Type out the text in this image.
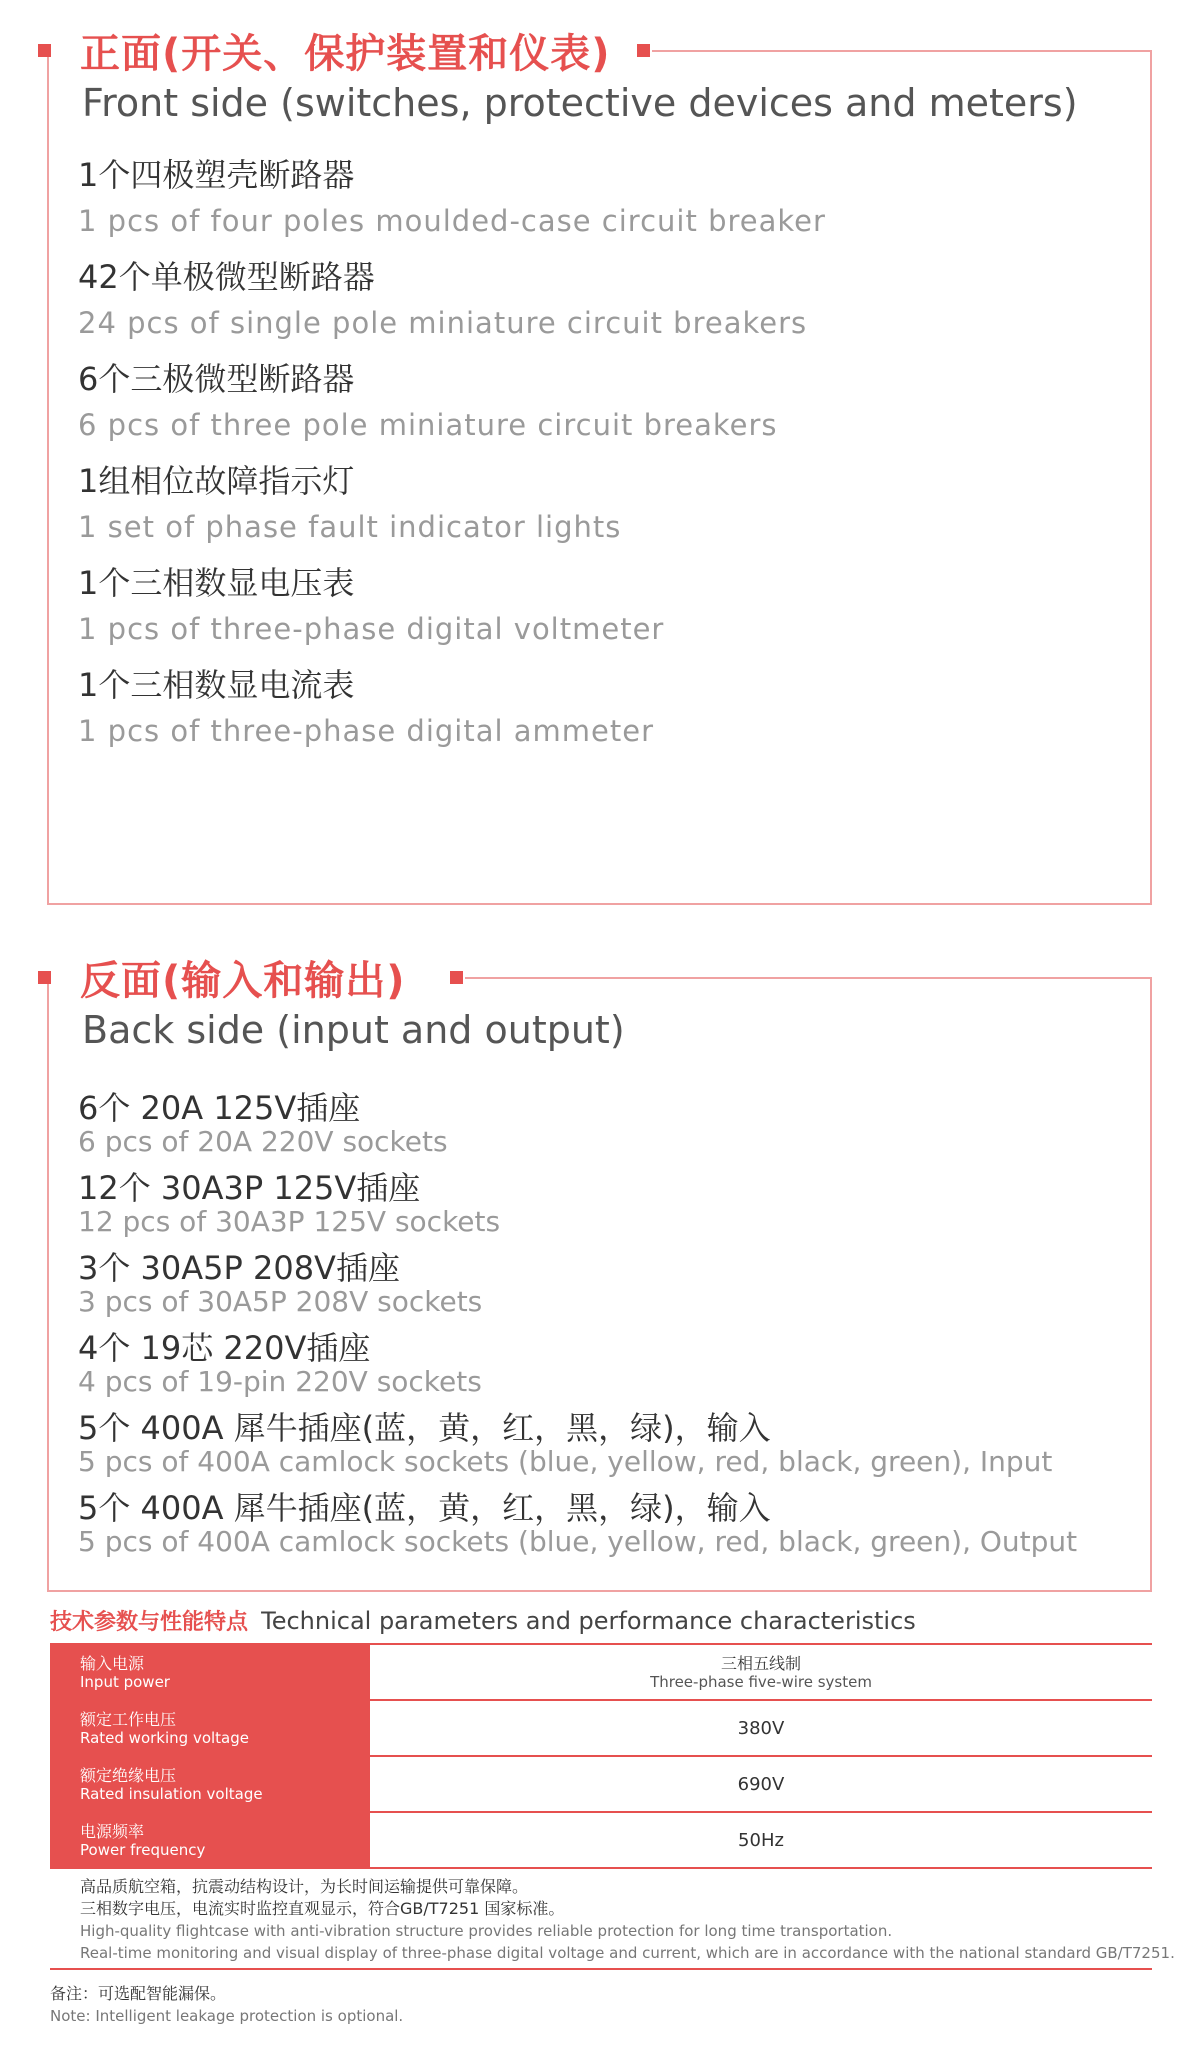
正面(开关、保护装置和仪表)
Front side (switches, protective devices and meters)
1个四极塑壳断路器
1 pcs of four poles moulded-case circuit breaker
42个单极微型断路器
24 pcs of single pole miniature circuit breakers
6个三极微型断路器
6 pcs of three pole miniature circuit breakers
1组相位故障指示灯
1 set of phase fault indicator lights
1个三相数显电压表
1 pcs of three-phase digital voltmeter
1个三相数显电流表
1 pcs of three-phase digital ammeter
反面(输入和输出)
Back side (input and output)
6个 20A 125V插座
6 pcs of 20A 220V sockets
12个 30A3P 125V插座
12 pcs of 30A3P 125V sockets
3个 30A5P 208V插座
3 pcs of 30A5P 208V sockets
4个 19芯 220V插座
4 pcs of 19-pin 220V sockets
5个 400A 犀牛插座(蓝，黄，红，黑，绿)，输入
5 pcs of 400A camlock sockets (blue, yellow, red, black, green), Input
5个 400A 犀牛插座(蓝，黄，红，黑，绿)，输入
5 pcs of 400A camlock sockets (blue, yellow, red, black, green), Output
技术参数与性能特点 Technical parameters and performance characteristics
输入电源
Input power	三相五线制
Three-phase five-wire system

额定工作电压
Rated working voltage	380V

额定绝缘电压
Rated insulation voltage	690V

电源频率
Power frequency	50Hz
高品质航空箱，抗震动结构设计，为长时间运输提供可靠保障。
三相数字电压，电流实时监控直观显示，符合GB/T7251 国家标准。
High-quality flightcase with anti-vibration structure provides reliable protection for long time transportation.
Real-time monitoring and visual display of three-phase digital voltage and current, which are in accordance with the national standard GB/T7251.
备注：可选配智能漏保。
Note: Intelligent leakage protection is optional.
